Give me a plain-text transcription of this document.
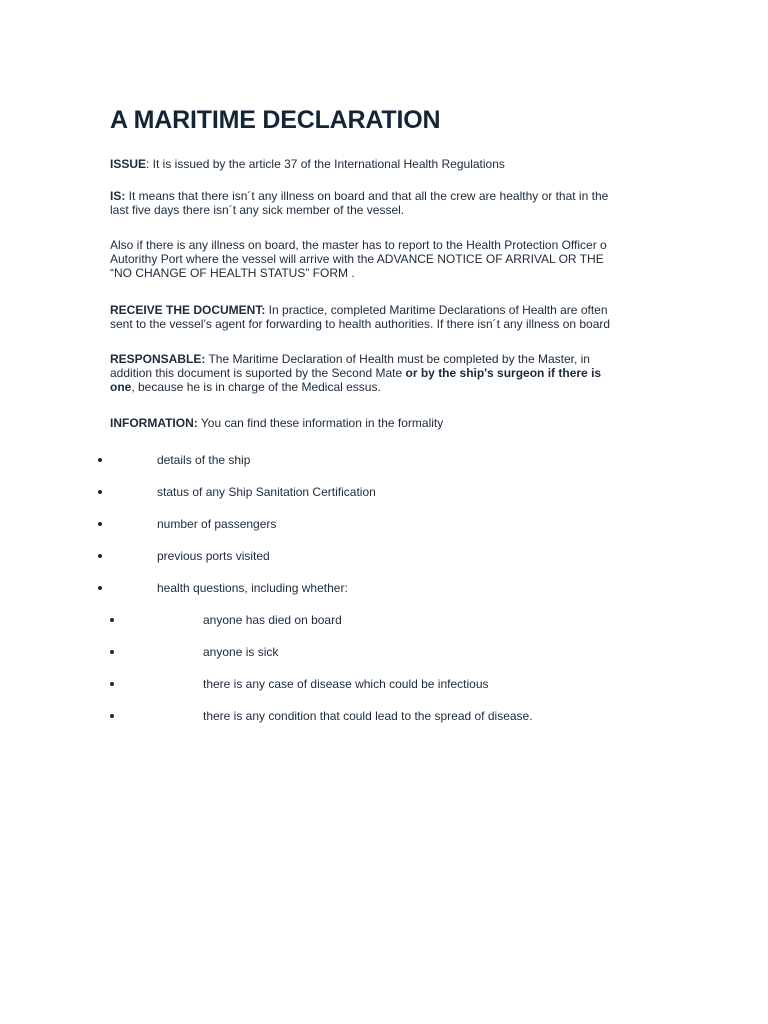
A MARITIME DECLARATION

ISSUE: It is issued by the article 37 of the International Health Regulations

IS: It means that there isn´t any illness on board and that all the crew are healthy or that in the
last five days there isn´t any sick member of the vessel.

Also if there is any illness on board, the master has to report to the Health Protection Officer o
Autorithy Port where the vessel will arrive with the ADVANCE NOTICE OF ARRIVAL OR THE
“NO CHANGE OF HEALTH STATUS” FORM .

RECEIVE THE DOCUMENT: In practice, completed Maritime Declarations of Health are often
sent to the vessel’s agent for forwarding to health authorities. If there isn´t any illness on board

RESPONSABLE: The Maritime Declaration of Health must be completed by the Master, in
addition this document is suported by the Second Mate or by the ship's surgeon if there is
one, because he is in charge of the Medical essus.

INFORMATION: You can find these information in the formality

details of the ship
status of any Ship Sanitation Certification
number of passengers
previous ports visited
health questions, including whether:
anyone has died on board
anyone is sick
there is any case of disease which could be infectious
there is any condition that could lead to the spread of disease.
